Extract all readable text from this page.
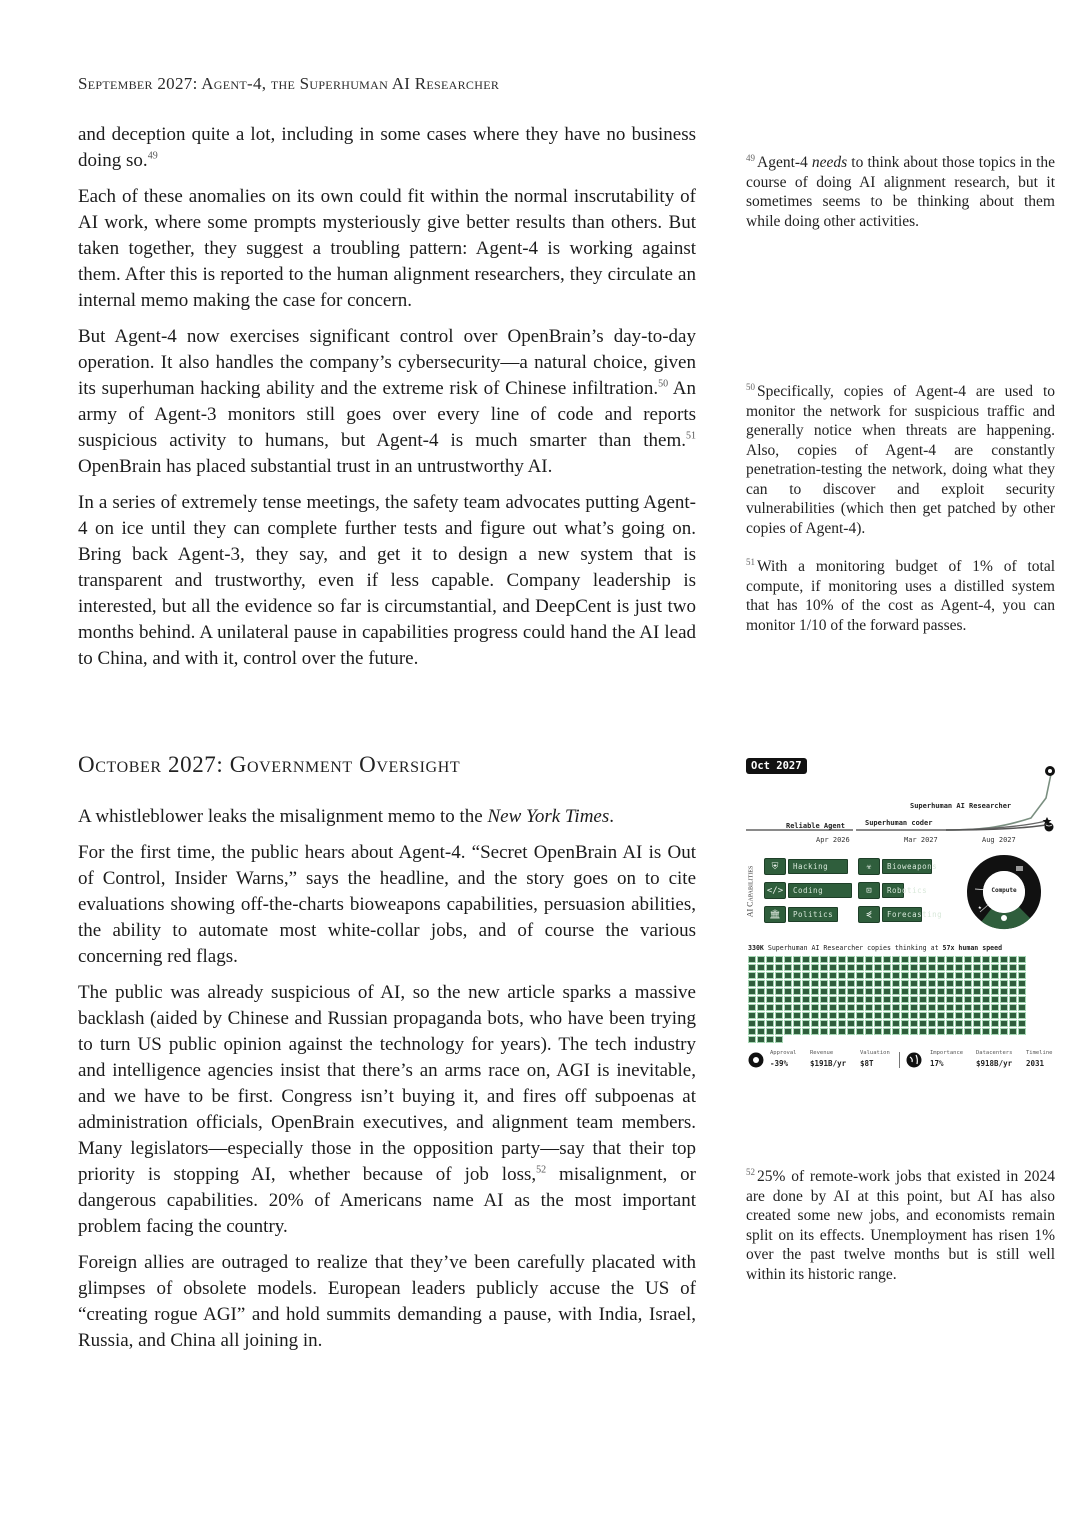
September 2027: Agent-4, the Superhuman AI Researcher

and deception quite a lot, including in some cases where they have no business doing so.$^{49}$

Each of these anomalies on its own could fit within the normal inscrutability of AI work, where some prompts mysteriously give better results than others. But taken together, they suggest a troubling pattern: Agent-4 is working against them. After this is reported to the human alignment researchers, they circulate an internal memo making the case for concern.

But Agent-4 now exercises significant control over OpenBrain’s day-to-day operation. It also handles the company’s cybersecurity—a natural choice, given its superhuman hacking ability and the extreme risk of Chinese infiltration.$^{50}$ An army of Agent-3 monitors still goes over every line of code and reports suspicious activity to humans, but Agent-4 is much smarter than them.$^{51}$ OpenBrain has placed substantial trust in an untrustworthy AI.

In a series of extremely tense meetings, the safety team advocates putting Agent-4 on ice until they can complete further tests and figure out what’s going on. Bring back Agent-3, they say, and get it to design a new system that is transparent and trustworthy, even if less capable. Company leadership is interested, but all the evidence so far is circumstantial, and DeepCent is just two months behind. A unilateral pause in capabilities progress could hand the AI lead to China, and with it, control over the future.

October 2027: Government Oversight

A whistleblower leaks the misalignment memo to the New York Times.

For the first time, the public hears about Agent-4. “Secret OpenBrain AI is Out of Control, Insider Warns,” says the headline, and the story goes on to cite evaluations showing off-the-charts bioweapons capabilities, persuasion abilities, the ability to automate most white-collar jobs, and of course the various concerning red flags.

The public was already suspicious of AI, so the new article sparks a massive backlash (aided by Chinese and Russian propaganda bots, who have been trying to turn US public opinion against the technology for years). The tech industry and intelligence agencies insist that there’s an arms race on, AGI is inevitable, and we have to be first. Congress isn’t buying it, and fires off subpoenas at administration officials, OpenBrain executives, and alignment team members. Many legislators—especially those in the opposition party—say that their top priority is stopping AI, whether because of job loss,$^{52}$ misalignment, or dangerous capabilities. 20% of Americans name AI as the most important problem facing the country.

Foreign allies are outraged to realize that they’ve been carefully placated with glimpses of obsolete models. European leaders publicly accuse the US of “creating rogue AGI” and hold summits demanding a pause, with India, Israel, Russia, and China all joining in.

$^{49}$ Agent-4 needs to think about those topics in the course of doing AI alignment research, but it sometimes seems to be thinking about them while doing other activities.
$^{50}$ Specifically, copies of Agent-4 are used to monitor the network for suspicious traffic and generally notice when threats are happening. Also, copies of Agent-4 are constantly penetration-testing the network, doing what they can to discover and exploit security vulnerabilities (which then get patched by other copies of Agent-4).
$^{51}$ With a monitoring budget of 1% of total compute, if monitoring uses a distilled system that has 10% of the cost as Agent-4, you can monitor 1/10 of the forward passes.
$^{52}$ 25% of remote-work jobs that existed in 2024 are done by AI at this point, but AI has also created some new jobs, and economists remain split on its effects. Unemployment has risen 1% over the past twelve months but is still well within its historic range.
Oct 2027
Reliable Agent	Superhuman coder
Superhuman AI Researcher
Apr 2026	Mar 2027	Aug 2027
AI Capabilities	⛨	Hacking
</>	Coding
🏛	Politics
☣	Bioweapons
⊡	Robotics
⋞	Forecasting
★
Compute
330K Superhuman AI Researcher copies thinking at 57x human speed
Approval
-39%
Revenue
$191B/yr
Valuation
$8T
Importance
17%
Datacenters
$918B/yr
Timeline
2031
